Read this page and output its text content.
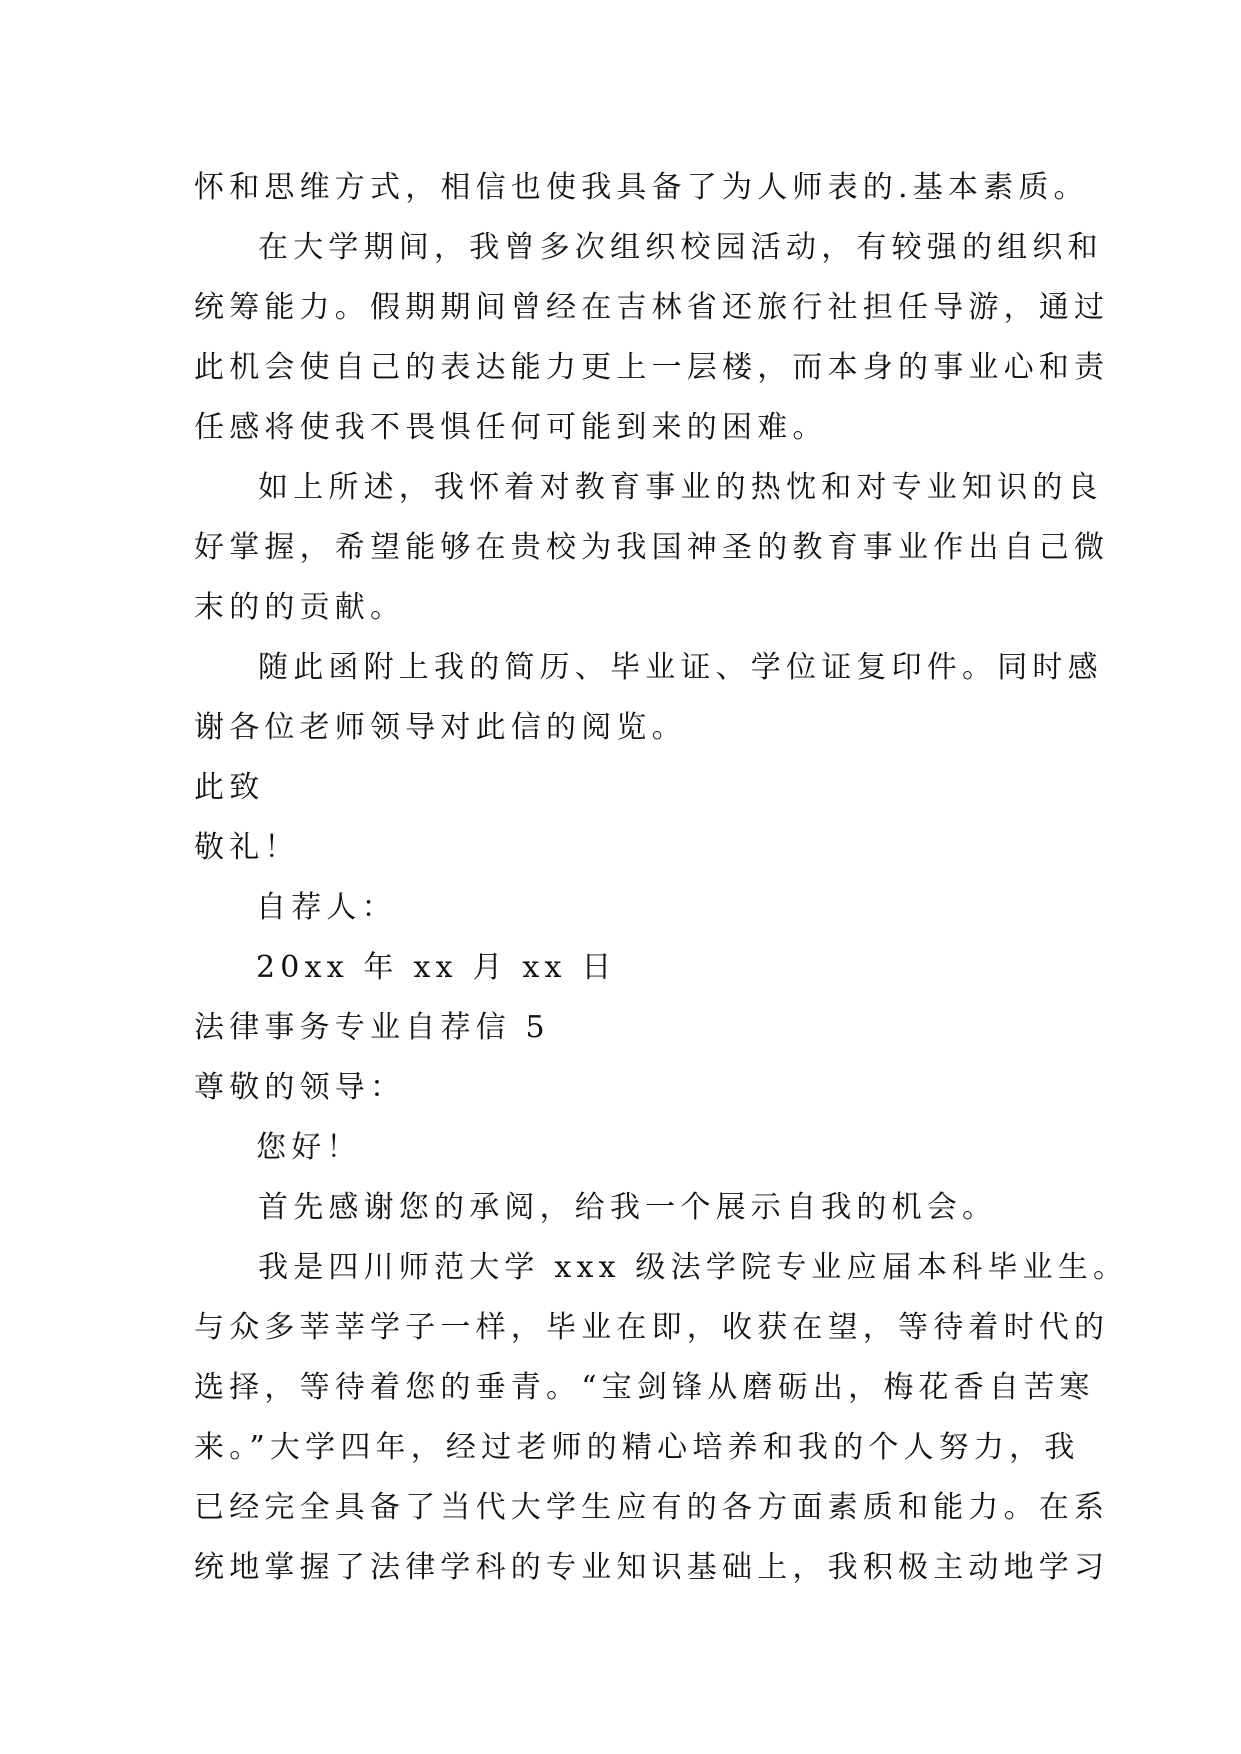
怀和思维方式，相信也使我具备了为人师表的.基本素质。
在大学期间，我曾多次组织校园活动，有较强的组织和
统筹能力。假期期间曾经在吉林省还旅行社担任导游，通过
此机会使自己的表达能力更上一层楼，而本身的事业心和责
任感将使我不畏惧任何可能到来的困难。
如上所述，我怀着对教育事业的热忱和对专业知识的良
好掌握，希望能够在贵校为我国神圣的教育事业作出自己微
末的的贡献。
随此函附上我的简历、毕业证、学位证复印件。同时感
谢各位老师领导对此信的阅览。
此致
敬礼！
自荐人：
20xx 年 xx 月 xx 日
法律事务专业自荐信 5
尊敬的领导：
您好！
首先感谢您的承阅，给我一个展示自我的机会。
我是四川师范大学 xxx 级法学院专业应届本科毕业生。
与众多莘莘学子一样，毕业在即，收获在望，等待着时代的
选择，等待着您的垂青。“宝剑锋从磨砺出，梅花香自苦寒
来。”大学四年，经过老师的精心培养和我的个人努力，我
已经完全具备了当代大学生应有的各方面素质和能力。在系
统地掌握了法律学科的专业知识基础上，我积极主动地学习
